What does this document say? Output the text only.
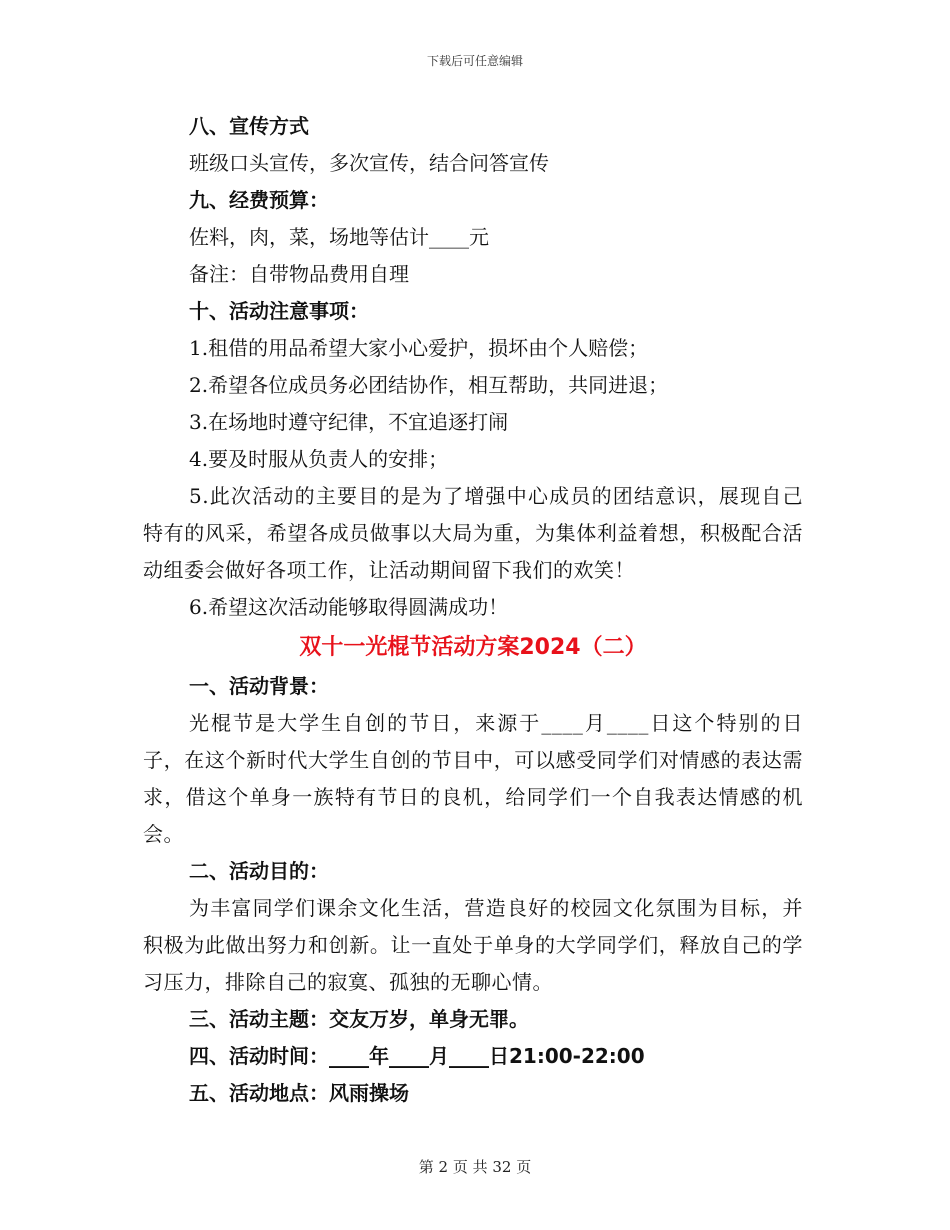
下载后可任意编辑
八、宣传方式
班级口头宣传，多次宣传，结合问答宣传
九、经费预算：
佐料，肉，菜，场地等估计____元
备注：自带物品费用自理
十、活动注意事项：
1.租借的用品希望大家小心爱护，损坏由个人赔偿；
2.希望各位成员务必团结协作，相互帮助，共同进退；
3.在场地时遵守纪律，不宜追逐打闹
4.要及时服从负责人的安排；
5.此次活动的主要目的是为了增强中心成员的团结意识，展现自己特有的风采，希望各成员做事以大局为重，为集体利益着想，积极配合活动组委会做好各项工作，让活动期间留下我们的欢笑！
6.希望这次活动能够取得圆满成功！
双十一光棍节活动方案2024（二）
一、活动背景：
光棍节是大学生自创的节日，来源于____月____日这个特别的日子，在这个新时代大学生自创的节目中，可以感受同学们对情感的表达需求，借这个单身一族特有节日的良机，给同学们一个自我表达情感的机会。
二、活动目的：
为丰富同学们课余文化生活，营造良好的校园文化氛围为目标，并积极为此做出努力和创新。让一直处于单身的大学同学们，释放自己的学习压力，排除自己的寂寞、孤独的无聊心情。
三、活动主题：交友万岁，单身无罪。
四、活动时间：____年____月____日21:00-22:00
五、活动地点：风雨操场
第 2 页 共 32 页
